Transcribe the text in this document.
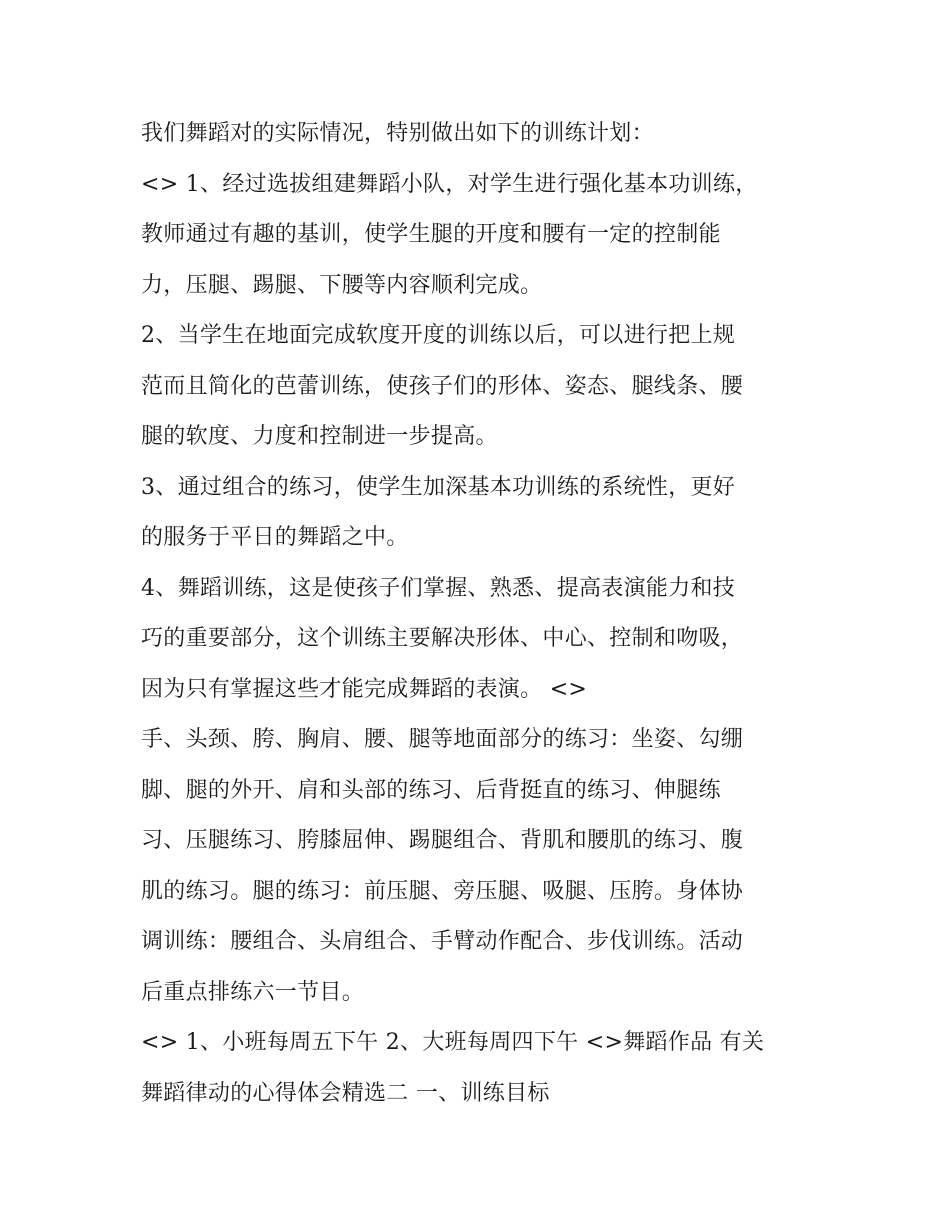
我们舞蹈对的实际情况，特别做出如下的训练计划：
<> 1、经过选拔组建舞蹈小队，对学生进行强化基本功训练，
教师通过有趣的基训，使学生腿的开度和腰有一定的控制能
力，压腿、踢腿、下腰等内容顺利完成。
2、当学生在地面完成软度开度的训练以后，可以进行把上规
范而且简化的芭蕾训练，使孩子们的形体、姿态、腿线条、腰
腿的软度、力度和控制进一步提高。
3、通过组合的练习，使学生加深基本功训练的系统性，更好
的服务于平日的舞蹈之中。
4、舞蹈训练，这是使孩子们掌握、熟悉、提高表演能力和技
巧的重要部分，这个训练主要解决形体、中心、控制和吻吸，
因为只有掌握这些才能完成舞蹈的表演。 <>
手、头颈、胯、胸肩、腰、腿等地面部分的练习：坐姿、勾绷
脚、腿的外开、肩和头部的练习、后背挺直的练习、伸腿练
习、压腿练习、胯膝屈伸、踢腿组合、背肌和腰肌的练习、腹
肌的练习。腿的练习：前压腿、旁压腿、吸腿、压胯。身体协
调训练：腰组合、头肩组合、手臂动作配合、步伐训练。活动
后重点排练六一节目。
<> 1、小班每周五下午 2、大班每周四下午 <>舞蹈作品 有关
舞蹈律动的心得体会精选二 一、训练目标
